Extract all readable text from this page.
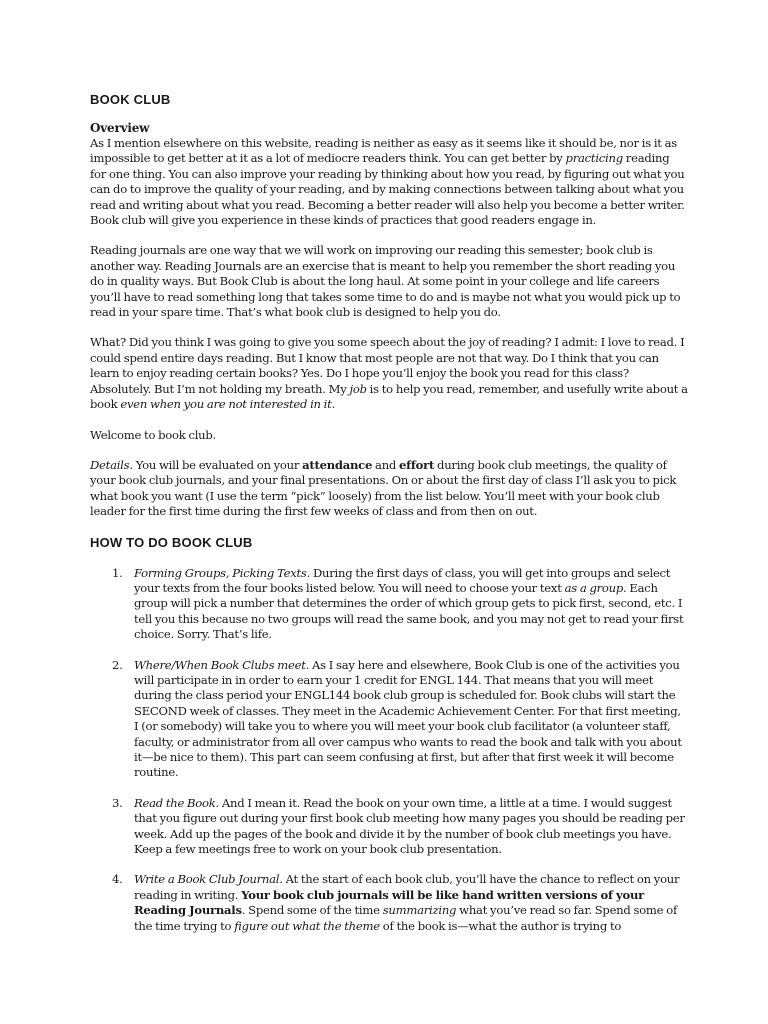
BOOK CLUB
Overview

As I mention elsewhere on this website, reading is neither as easy as it seems like it should be, nor is it as impossible to get better at it as a lot of mediocre readers think. You can get better by practicing reading for one thing. You can also improve your reading by thinking about how you read, by figuring out what you can do to improve the quality of your reading, and by making connections between talking about what you read and writing about what you read. Becoming a better reader will also help you become a better writer. Book club will give you experience in these kinds of practices that good readers engage in.

Reading journals are one way that we will work on improving our reading this semester; book club is another way. Reading Journals are an exercise that is meant to help you remember the short reading you do in quality ways. But Book Club is about the long haul. At some point in your college and life careers you’ll have to read something long that takes some time to do and is maybe not what you would pick up to read in your spare time. That’s what book club is designed to help you do.

What? Did you think I was going to give you some speech about the joy of reading? I admit: I love to read. I could spend entire days reading. But I know that most people are not that way. Do I think that you can learn to enjoy reading certain books? Yes. Do I hope you’ll enjoy the book you read for this class? Absolutely. But I’m not holding my breath. My job is to help you read, remember, and usefully write about a book even when you are not interested in it.

Welcome to book club.

Details. You will be evaluated on your attendance and effort during book club meetings, the quality of your book club journals, and your final presentations. On or about the first day of class I’ll ask you to pick what book you want (I use the term “pick” loosely) from the list below. You’ll meet with your book club leader for the first time during the first few weeks of class and from then on out.

HOW TO DO BOOK CLUB
1. Forming Groups, Picking Texts. During the first days of class, you will get into groups and select your texts from the four books listed below. You will need to choose your text as a group. Each group will pick a number that determines the order of which group gets to pick first, second, etc. I tell you this because no two groups will read the same book, and you may not get to read your first choice. Sorry. That’s life.
2. Where/When Book Clubs meet. As I say here and elsewhere, Book Club is one of the activities you will participate in in order to earn your 1 credit for ENGL 144. That means that you will meet during the class period your ENGL144 book club group is scheduled for. Book clubs will start the SECOND week of classes. They meet in the Academic Achievement Center. For that first meeting, I (or somebody) will take you to where you will meet your book club facilitator (a volunteer staff, faculty, or administrator from all over campus who wants to read the book and talk with you about it—be nice to them). This part can seem confusing at first, but after that first week it will become routine.
3. Read the Book. And I mean it. Read the book on your own time, a little at a time. I would suggest that you figure out during your first book club meeting how many pages you should be reading per week. Add up the pages of the book and divide it by the number of book club meetings you have. Keep a few meetings free to work on your book club presentation.
4. Write a Book Club Journal. At the start of each book club, you’ll have the chance to reflect on your reading in writing. Your book club journals will be like hand written versions of your Reading Journals. Spend some of the time summarizing what you’ve read so far. Spend some of the time trying to figure out what the theme of the book is—what the author is trying to
